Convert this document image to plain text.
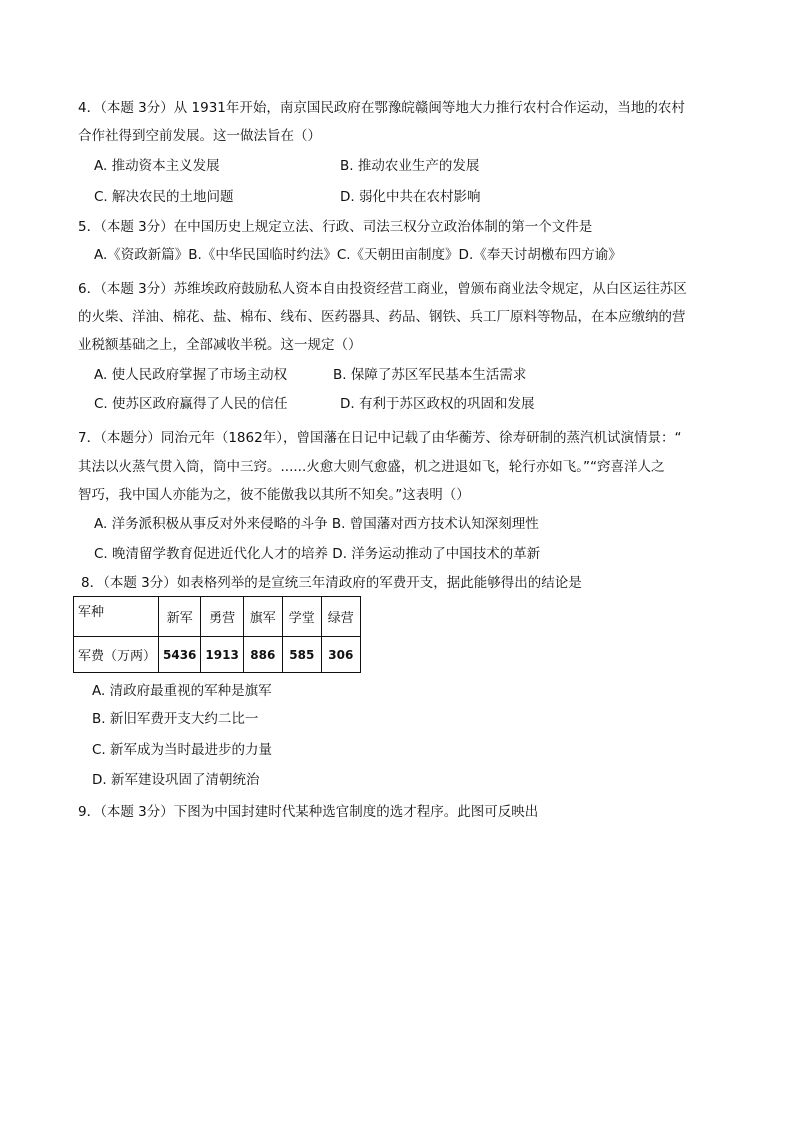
4．（本题 3分）从 1931年开始，南京国民政府在鄂豫皖赣闽等地大力推行农村合作运动，当地的农村
合作社得到空前发展。这一做法旨在（）
A. 推动资本主义发展	B. 推动农业生产的发展
C. 解决农民的土地问题	D. 弱化中共在农村影响
5．（本题 3分）在中国历史上规定立法、行政、司法三权分立政治体制的第一个文件是
A.《资政新篇》B.《中华民国临时约法》C.《天朝田亩制度》D.《奉天讨胡檄布四方谕》
6．（本题 3分）苏维埃政府鼓励私人资本自由投资经营工商业，曾颁布商业法令规定，从白区运往苏区
的火柴、洋油、棉花、盐、棉布、线布、医药器具、药品、钢铁、兵工厂原料等物品，在本应缴纳的营
业税额基础之上，全部减收半税。这一规定（）
A. 使人民政府掌握了市场主动权	B. 保障了苏区军民基本生活需求
C. 使苏区政府赢得了人民的信任	D. 有利于苏区政权的巩固和发展
7．（本题分）同治元年（1862年），曾国藩在日记中记载了由华蘅芳、徐寿研制的蒸汽机试演情景：“
其法以火蒸气贯入筒，筒中三窍。......火愈大则气愈盛，机之进退如飞，轮行亦如飞。”“窍喜洋人之
智巧，我中国人亦能为之，彼不能傲我以其所不知矣。”这表明（）
A. 洋务派积极从事反对外来侵略的斗争 B. 曾国藩对西方技术认知深刻理性
C. 晚清留学教育促进近代化人才的培养 D. 洋务运动推动了中国技术的革新
8．（本题 3分）如表格列举的是宣统三年清政府的军费开支，据此能够得出的结论是
军种	新军	勇营	旗军	学堂	绿营
军费（万两）	5436	1913	886	585	306
A. 清政府最重视的军种是旗军
B. 新旧军费开支大约二比一
C. 新军成为当时最进步的力量
D. 新军建设巩固了清朝统治
9．（本题 3分）下图为中国封建时代某种选官制度的选才程序。此图可反映出
